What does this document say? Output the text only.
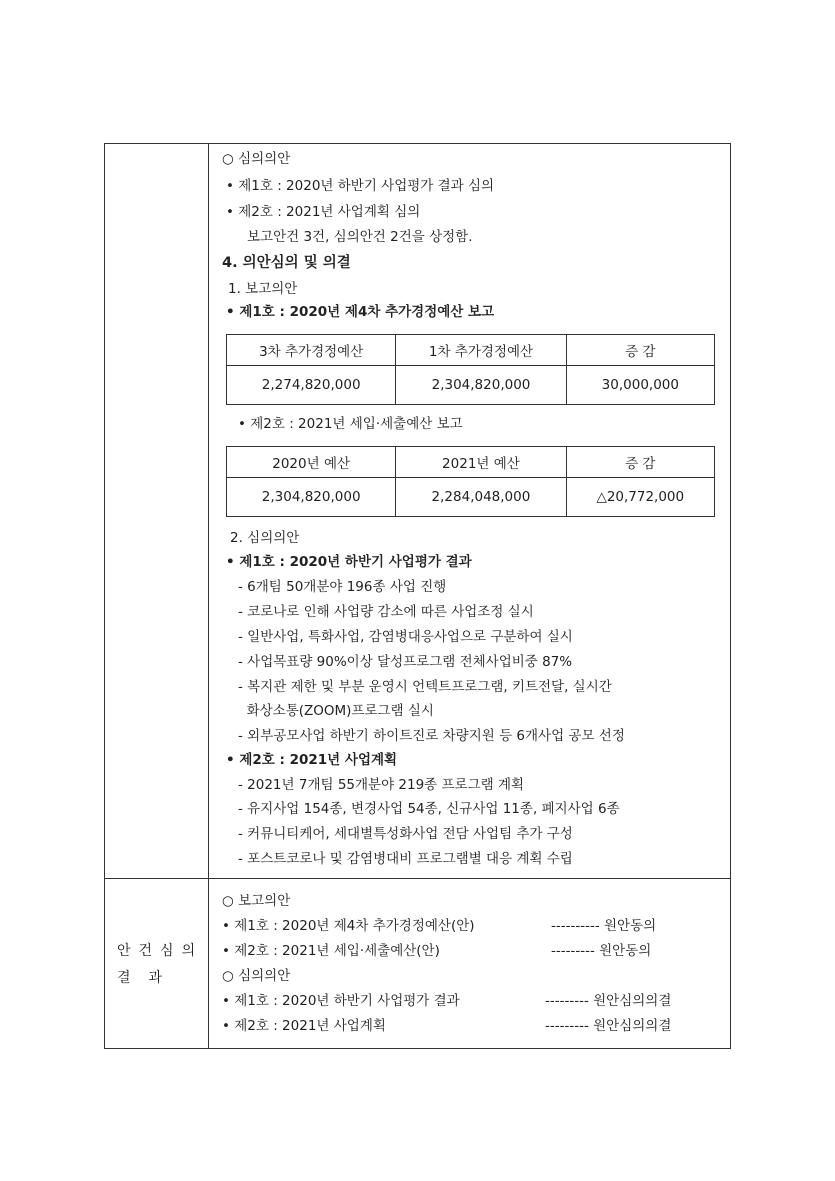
○ 심의의안
• 제1호 : 2020년 하반기 사업평가 결과 심의
• 제2호 : 2021년 사업계획 심의
보고안건 3건, 심의안건 2건을 상정함.
4. 의안심의 및 의결
1. 보고의안
• 제1호 : 2020년 제4차 추가경정예산 보고
3차 추가경정예산	1차 추가경정예산	증 감
2,274,820,000	2,304,820,000	30,000,000
• 제2호 : 2021년 세입·세출예산 보고
2020년 예산	2021년 예산	증 감
2,304,820,000	2,284,048,000	△20,772,000
2. 심의의안
• 제1호 : 2020년 하반기 사업평가 결과
- 6개팀 50개분야 196종 사업 진행
- 코로나로 인해 사업량 감소에 따른 사업조정 실시
- 일반사업, 특화사업, 감염병대응사업으로 구분하여 실시
- 사업목표량 90%이상 달성프로그램 전체사업비중 87%
- 복지관 제한 및 부분 운영시 언텍트프로그램, 키트전달, 실시간
화상소통(ZOOM)프로그램 실시
- 외부공모사업 하반기 하이트진로 차량지원 등 6개사업 공모 선정
• 제2호 : 2021년 사업계획
- 2021년 7개팀 55개분야 219종 프로그램 계획
- 유지사업 154종, 변경사업 54종, 신규사업 11종, 폐지사업 6종
- 커뮤니티케어, 세대별특성화사업 전담 사업팀 추가 구성
- 포스트코로나 및 감염병대비 프로그램별 대응 계획 수립
안건심의
결    과
○ 보고의안
• 제1호 : 2020년 제4차 추가경정예산(안)	---------- 원안동의
• 제2호 : 2021년 세입·세출예산(안)	--------- 원안동의
○ 심의의안
• 제1호 : 2020년 하반기 사업평가 결과	--------- 원안심의의결
• 제2호 : 2021년 사업계획	--------- 원안심의의결
